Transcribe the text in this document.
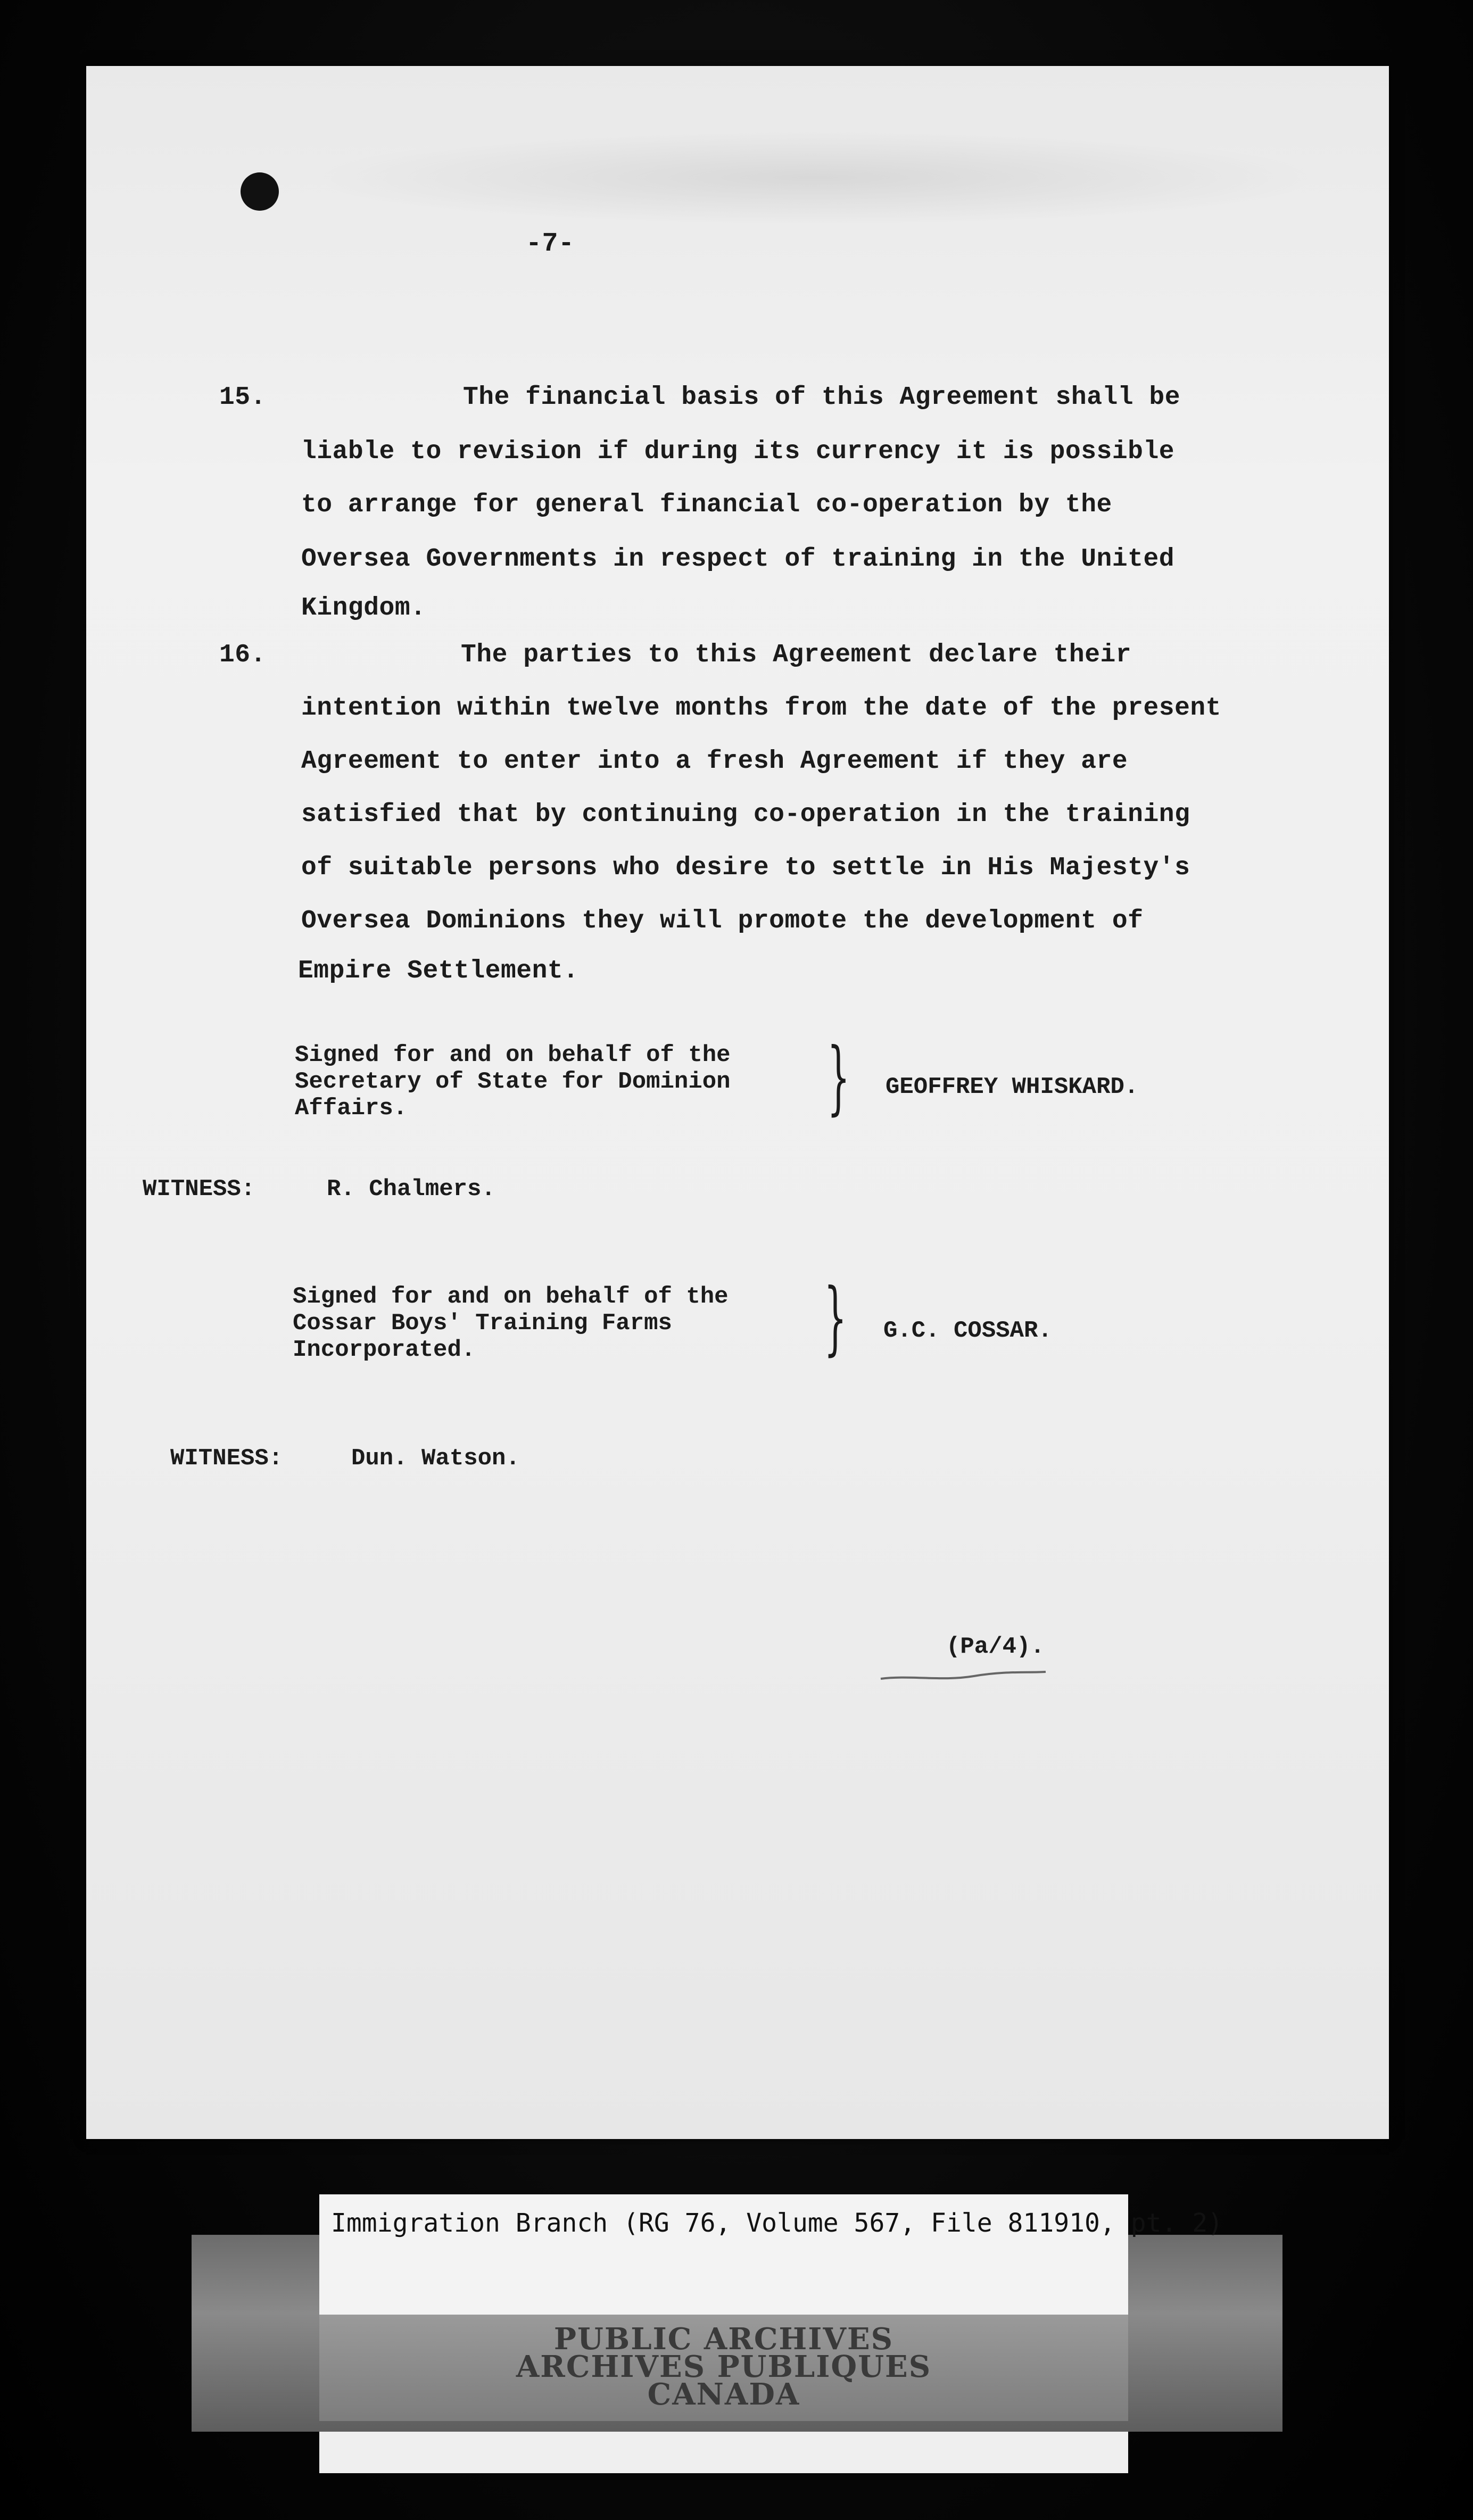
-7-
15.	The financial basis of this Agreement shall be
liable to revision if during its currency it is possible
to arrange for general financial co-operation by the
Oversea Governments in respect of training in the United
Kingdom.
16.	The parties to this Agreement declare their
intention within twelve months from the date of the present
Agreement to enter into a fresh Agreement if they are
satisfied that by continuing co-operation in the training
of suitable persons who desire to settle in His Majesty's
Oversea Dominions they will promote the development of
Empire Settlement.
Signed for and on behalf of the
Secretary of State for Dominion
Affairs.	} GEOFFREY WHISKARD.
WITNESS:	R. Chalmers.
Signed for and on behalf of the
Cossar Boys' Training Farms
Incorporated.	} G.C. COSSAR.
WITNESS:	Dun. Watson.
(Pa/4).
Immigration Branch (RG 76, Volume 567, File 811910, pt. 2)
PUBLIC ARCHIVES
ARCHIVES PUBLIQUES
CANADA
